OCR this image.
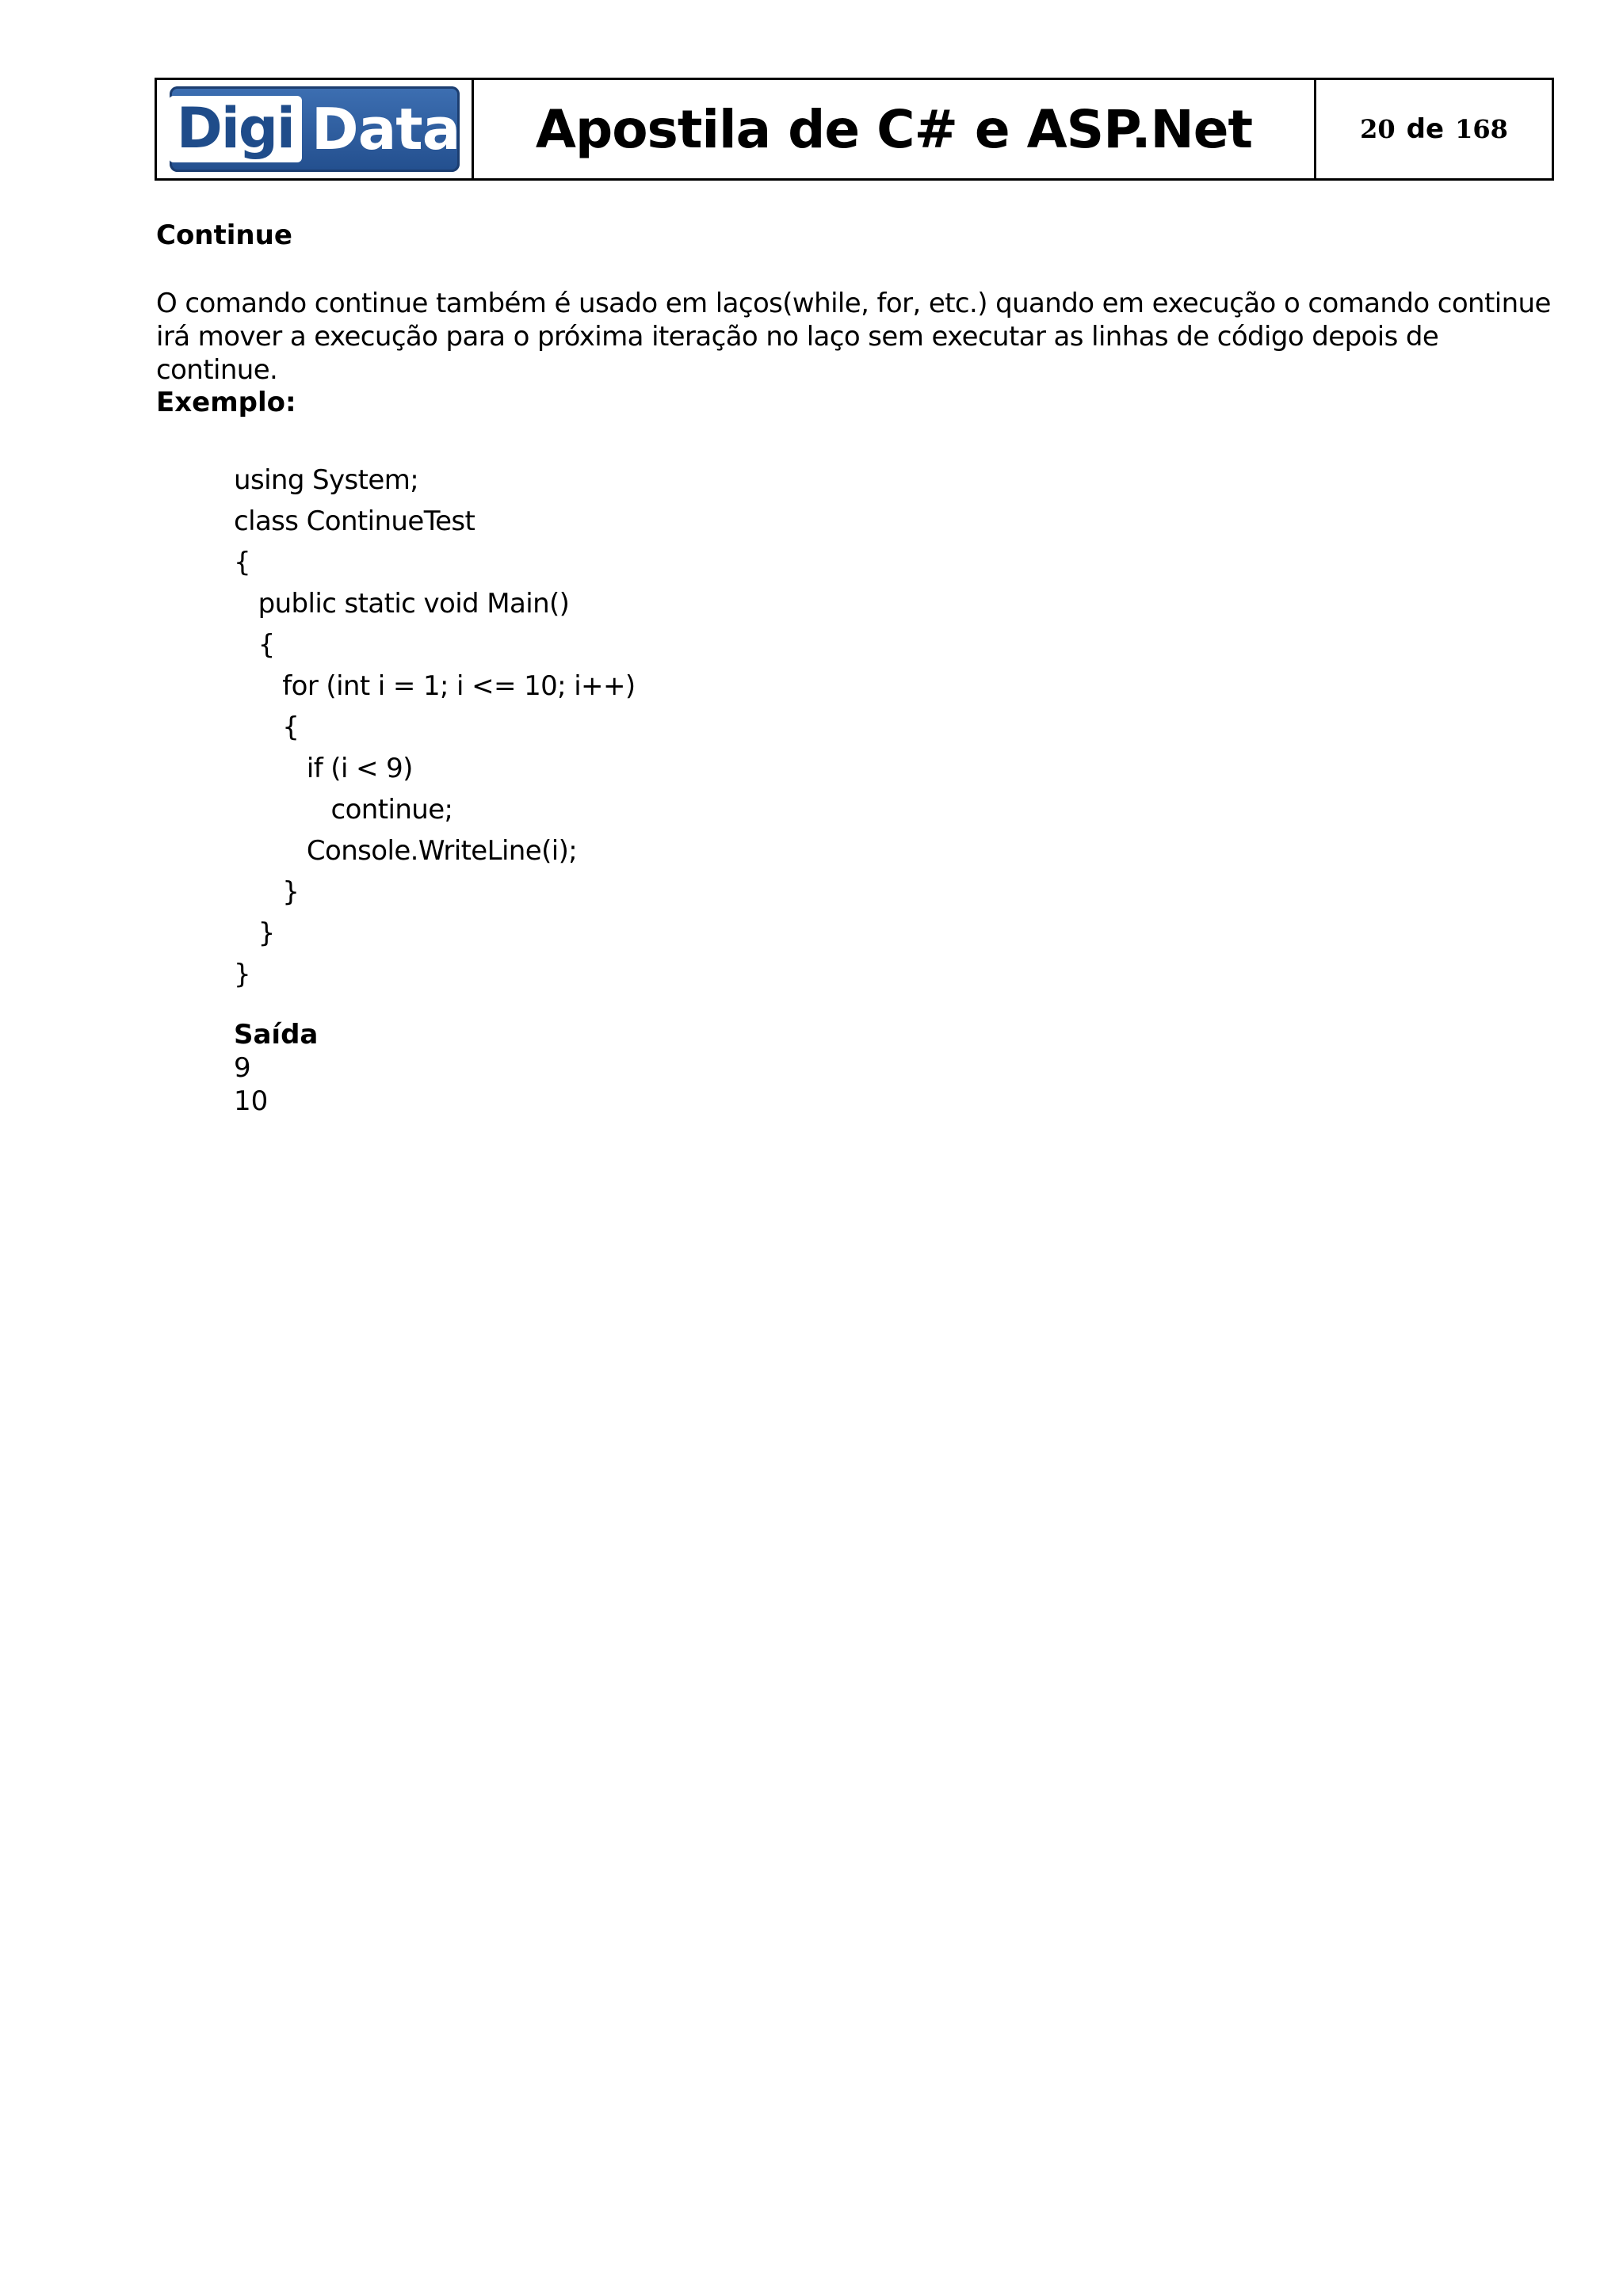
Digi Data Apostila de C# e ASP.Net	20 de 168
Continue
O comando continue também é usado em laços(while, for, etc.) quando em execução o comando continue irá mover a execução para o próxima iteração no laço sem executar as linhas de código depois de continue.
Exemplo:
using System;
class ContinueTest
{
public static void Main()
{
for (int i = 1; i <= 10; i++)
{
if (i < 9)
continue;
Console.WriteLine(i);
}
}
}
Saída
9
10
